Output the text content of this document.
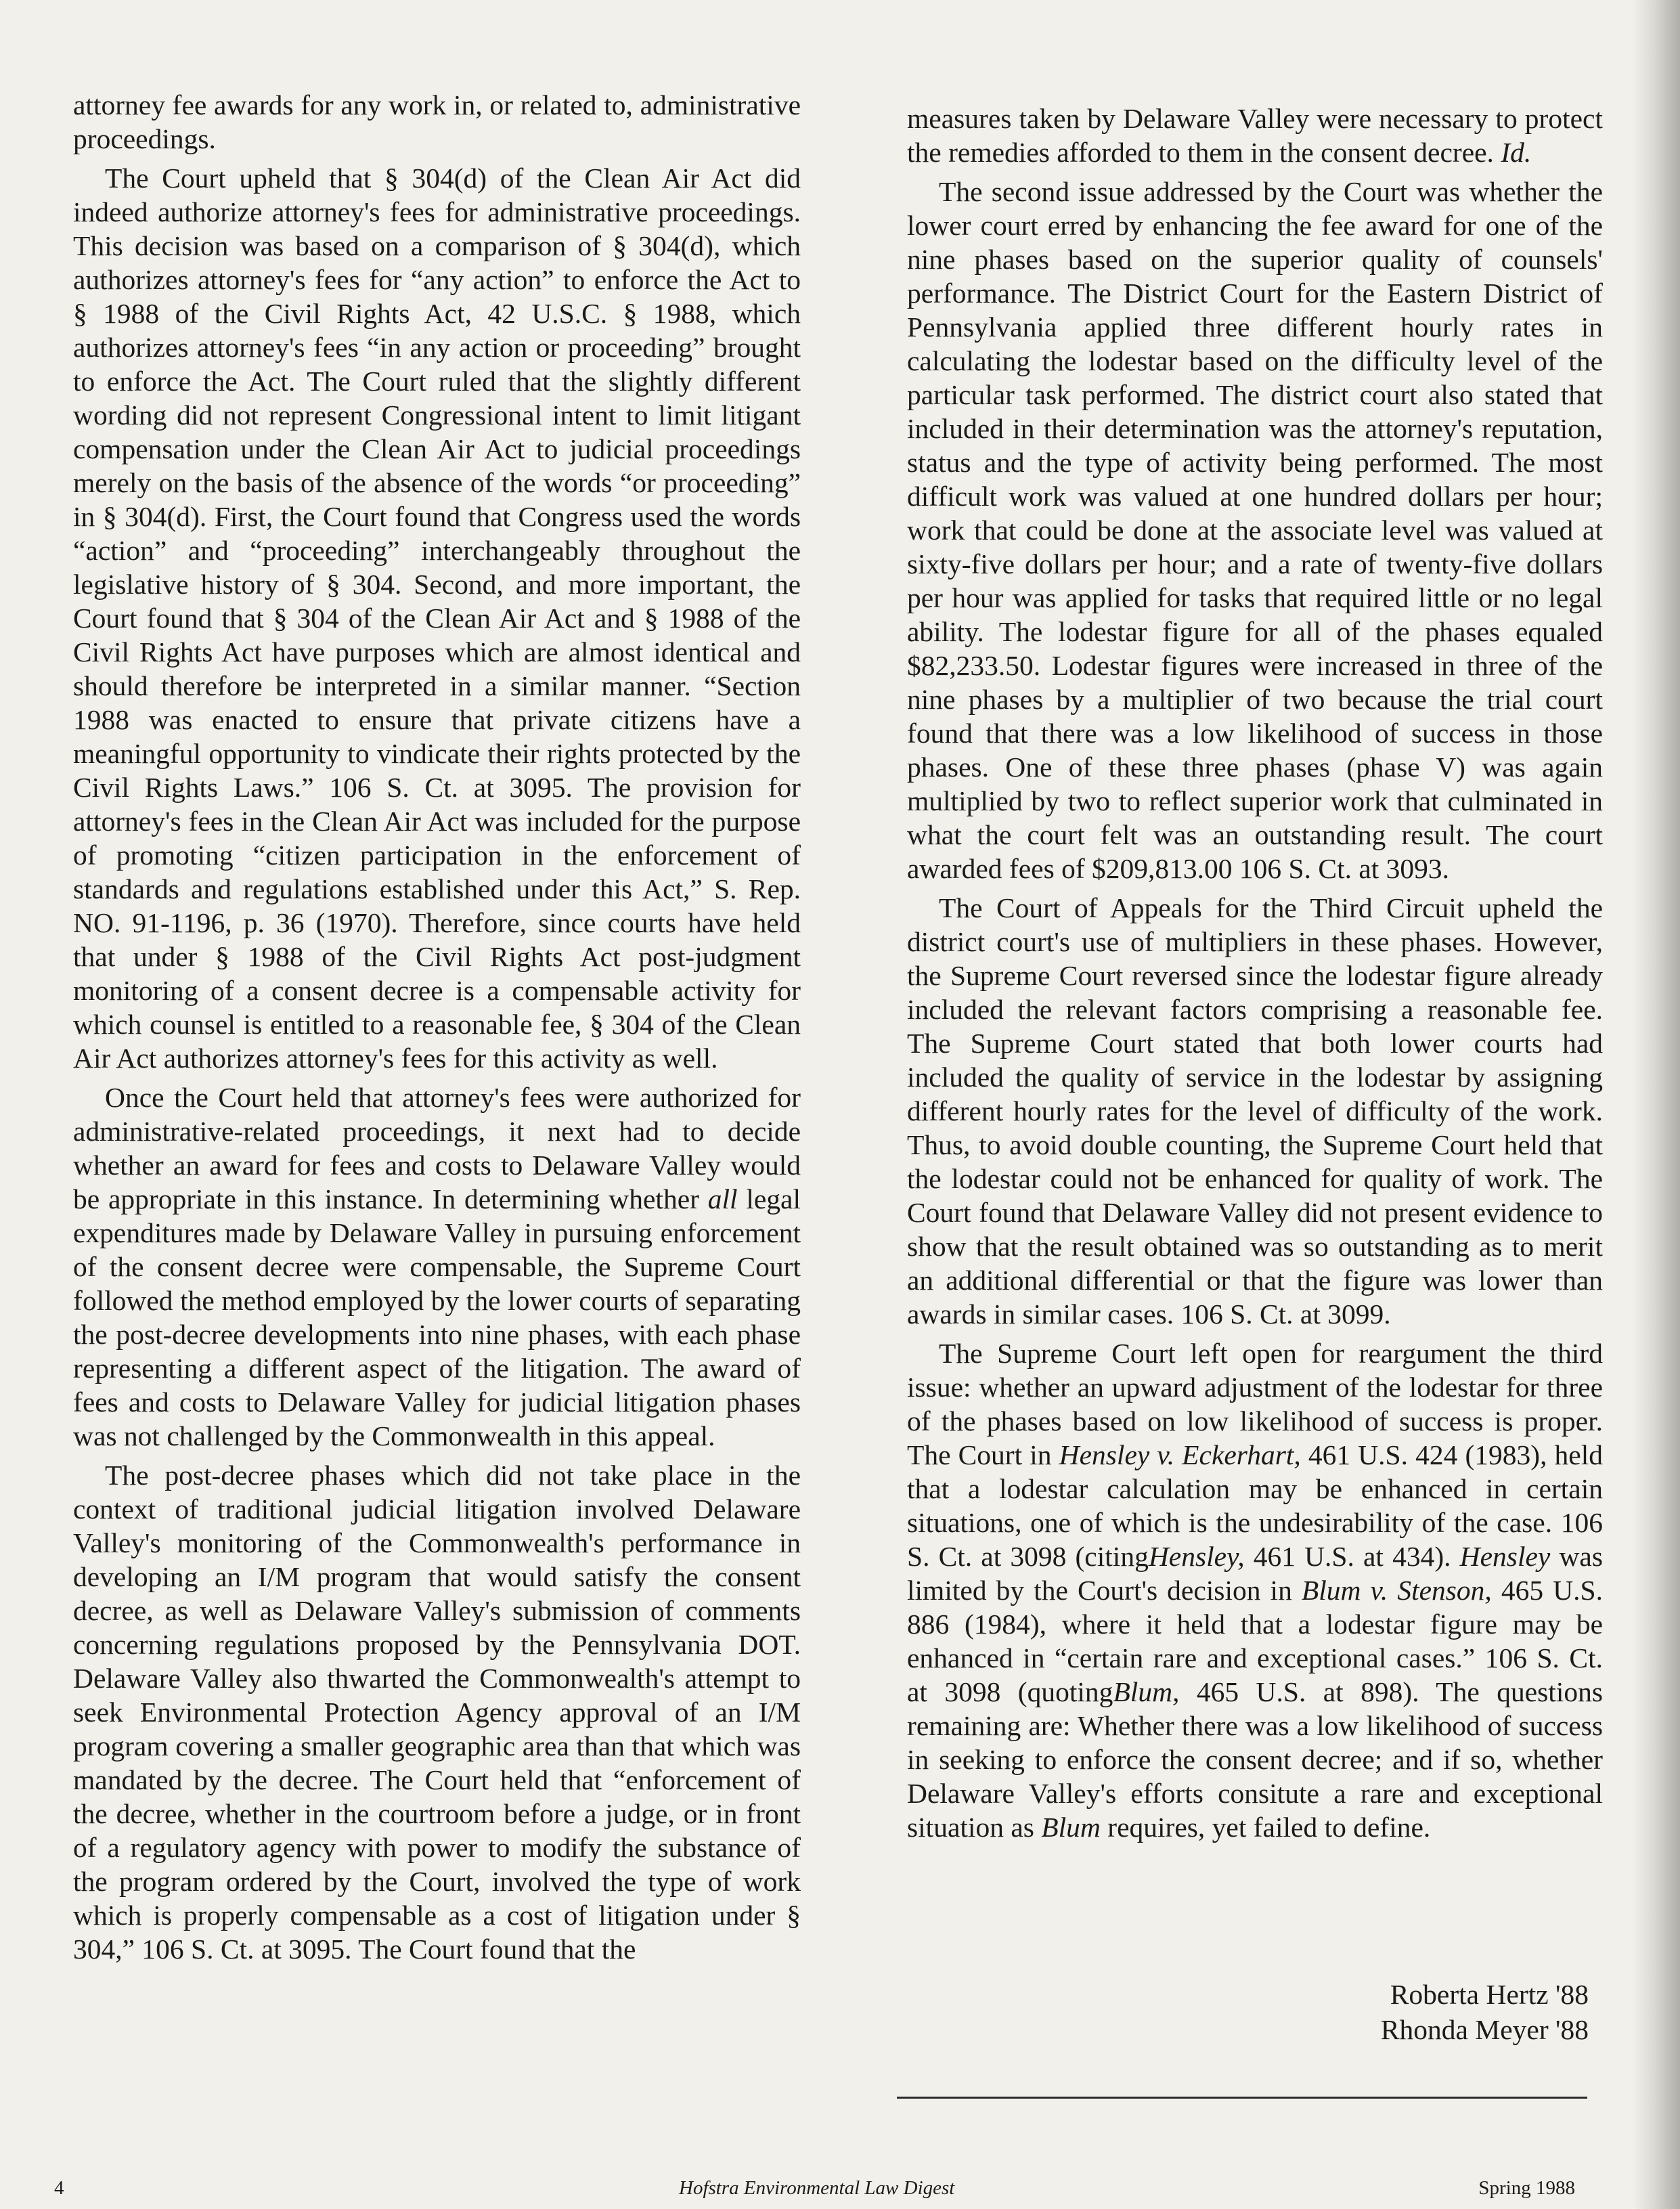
attorney fee awards for any work in, or related to, administrative proceedings.

The Court upheld that § 304(d) of the Clean Air Act did indeed authorize attorney's fees for administrative proceedings. This decision was based on a comparison of § 304(d), which authorizes attorney's fees for “any action” to enforce the Act to § 1988 of the Civil Rights Act, 42 U.S.C. § 1988, which authorizes attorney's fees “in any action or proceeding” brought to enforce the Act. The Court ruled that the slightly different wording did not represent Congressional intent to limit litigant compensation under the Clean Air Act to judicial proceedings merely on the basis of the absence of the words “or proceeding” in § 304(d). First, the Court found that Congress used the words “action” and “proceeding” interchangeably throughout the legislative history of § 304. Second, and more important, the Court found that § 304 of the Clean Air Act and § 1988 of the Civil Rights Act have purposes which are almost identical and should therefore be interpreted in a similar manner. “Section 1988 was enacted to ensure that private citizens have a meaningful opportunity to vindicate their rights protected by the Civil Rights Laws.” 106 S. Ct. at 3095. The provision for attorney's fees in the Clean Air Act was included for the purpose of promoting “citizen participation in the enforcement of standards and regulations established under this Act,” S. Rep. NO. 91-1196, p. 36 (1970). Therefore, since courts have held that under § 1988 of the Civil Rights Act post-judgment monitoring of a consent decree is a compensable activity for which counsel is entitled to a reasonable fee, § 304 of the Clean Air Act authorizes attorney's fees for this activity as well.

Once the Court held that attorney's fees were authorized for administrative-related proceedings, it next had to decide whether an award for fees and costs to Delaware Valley would be appropriate in this instance. In determining whether all legal expenditures made by Delaware Valley in pursuing enforcement of the consent decree were compensable, the Supreme Court followed the method employed by the lower courts of separating the post-decree developments into nine phases, with each phase representing a different aspect of the litigation. The award of fees and costs to Delaware Valley for judicial litigation phases was not challenged by the Commonwealth in this appeal.

The post-decree phases which did not take place in the context of traditional judicial litigation involved Delaware Valley's monitoring of the Commonwealth's performance in developing an I/M program that would satisfy the consent decree, as well as Delaware Valley's submission of comments concerning regulations proposed by the Pennsylvania DOT. Delaware Valley also thwarted the Commonwealth's attempt to seek Environmental Protection Agency approval of an I/M program covering a smaller geographic area than that which was mandated by the decree. The Court held that “enforcement of the decree, whether in the courtroom before a judge, or in front of a regulatory agency with power to modify the substance of the program ordered by the Court, involved the type of work which is properly compensable as a cost of litigation under § 304,” 106 S. Ct. at 3095. The Court found that the

measures taken by Delaware Valley were necessary to protect the remedies afforded to them in the consent decree. Id.

The second issue addressed by the Court was whether the lower court erred by enhancing the fee award for one of the nine phases based on the superior quality of counsels' performance. The District Court for the Eastern District of Pennsylvania applied three different hourly rates in calculating the lodestar based on the difficulty level of the particular task performed. The district court also stated that included in their determination was the attorney's reputation, status and the type of activity being performed. The most difficult work was valued at one hundred dollars per hour; work that could be done at the associate level was valued at sixty-five dollars per hour; and a rate of twenty-five dollars per hour was applied for tasks that required little or no legal ability. The lodestar figure for all of the phases equaled $82,233.50. Lodestar figures were increased in three of the nine phases by a multiplier of two because the trial court found that there was a low likelihood of success in those phases. One of these three phases (phase V) was again multiplied by two to reflect superior work that culminated in what the court felt was an outstanding result. The court awarded fees of $209,813.00 106 S. Ct. at 3093.

The Court of Appeals for the Third Circuit upheld the district court's use of multipliers in these phases. However, the Supreme Court reversed since the lodestar figure already included the relevant factors comprising a reasonable fee. The Supreme Court stated that both lower courts had included the quality of service in the lodestar by assigning different hourly rates for the level of difficulty of the work. Thus, to avoid double counting, the Supreme Court held that the lodestar could not be enhanced for quality of work. The Court found that Delaware Valley did not present evidence to show that the result obtained was so outstanding as to merit an additional differential or that the figure was lower than awards in similar cases. 106 S. Ct. at 3099.

The Supreme Court left open for reargument the third issue: whether an upward adjustment of the lodestar for three of the phases based on low likelihood of success is proper. The Court in Hensley v. Eckerhart, 461 U.S. 424 (1983), held that a lodestar calculation may be enhanced in certain situations, one of which is the undesirability of the case. 106 S. Ct. at 3098 (citingHensley, 461 U.S. at 434). Hensley was limited by the Court's decision in Blum v. Stenson, 465 U.S. 886 (1984), where it held that a lodestar figure may be enhanced in “certain rare and exceptional cases.” 106 S. Ct. at 3098 (quotingBlum, 465 U.S. at 898). The questions remaining are: Whether there was a low likelihood of success in seeking to enforce the consent decree; and if so, whether Delaware Valley's efforts consitute a rare and exceptional situation as Blum requires, yet failed to define.

Roberta Hertz '88
Rhonda Meyer '88
4	Hofstra Environmental Law Digest	Spring 1988
